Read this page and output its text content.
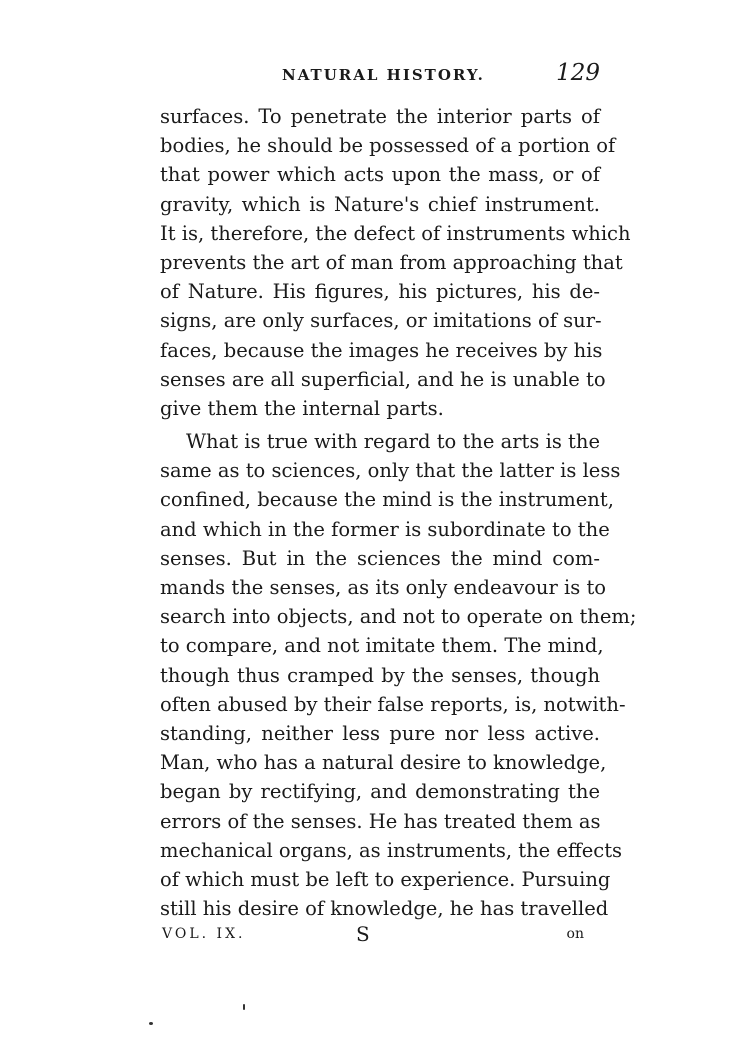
NATURAL HISTORY.	129
surfaces. To penetrate the interior parts of
bodies, he should be possessed of a portion of
that power which acts upon the mass, or of
gravity, which is Nature's chief instrument.
It is, therefore, the defect of instruments which
prevents the art of man from approaching that
of Nature. His figures, his pictures, his de-
signs, are only surfaces, or imitations of sur-
faces, because the images he receives by his
senses are all superficial, and he is unable to
give them the internal parts.
What is true with regard to the arts is the
same as to sciences, only that the latter is less
confined, because the mind is the instrument,
and which in the former is subordinate to the
senses. But in the sciences the mind com-
mands the senses, as its only endeavour is to
search into objects, and not to operate on them;
to compare, and not imitate them. The mind,
though thus cramped by the senses, though
often abused by their false reports, is, notwith-
standing, neither less pure nor less active.
Man, who has a natural desire to knowledge,
began by rectifying, and demonstrating the
errors of the senses. He has treated them as
mechanical organs, as instruments, the effects
of which must be left to experience. Pursuing
still his desire of knowledge, he has travelled
VOL. IX.	S	on
